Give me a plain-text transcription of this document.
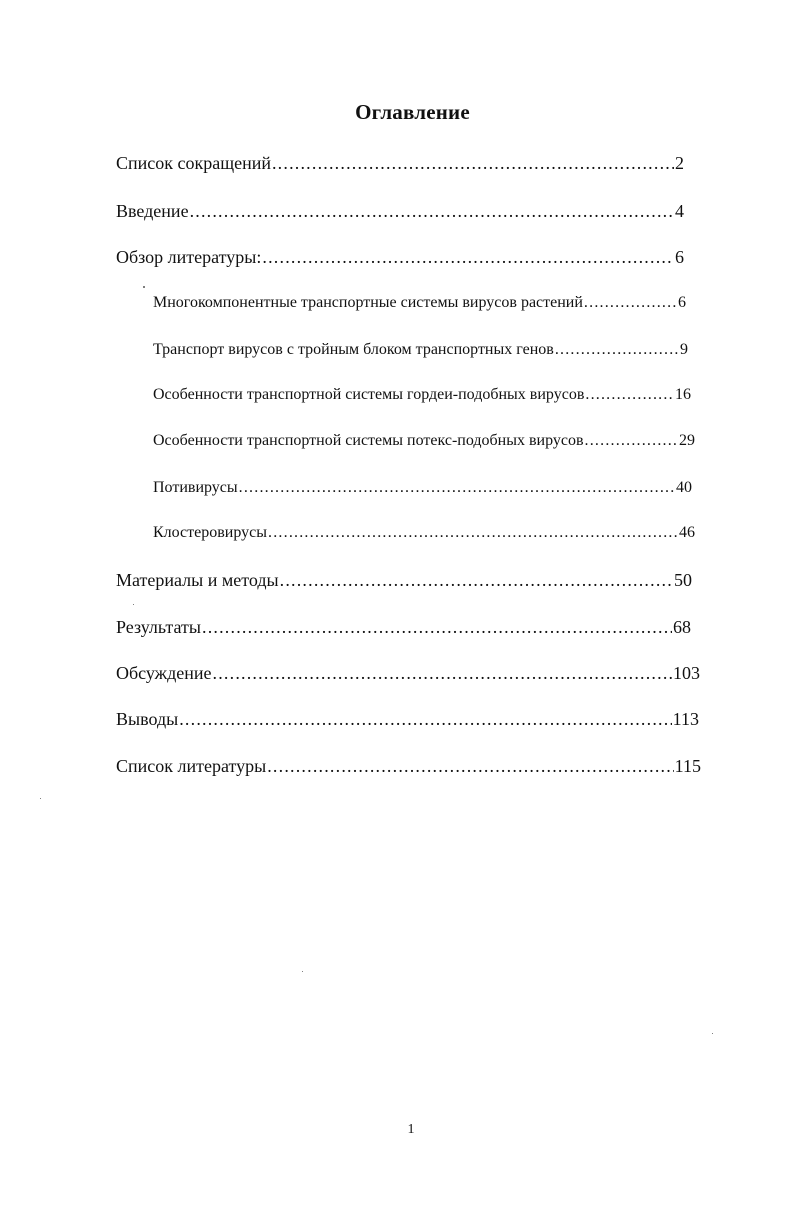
Оглавление
Список сокращений .....	2
Введение .....	4
Обзор литературы: .....	6
Многокомпонентные транспортные системы вирусов растений .....	6
Транспорт вирусов с тройным блоком транспортных генов .....	9
Особенности транспортной системы гордеи-подобных вирусов .....	16
Особенности транспортной системы потекс-подобных вирусов .....	29
Потивирусы .....	40
Клостеровирусы .....	46
Материалы и методы .....	50
Результаты .....	68
Обсуждение .....	103
Выводы .....	113
Список литературы .....	115
1
